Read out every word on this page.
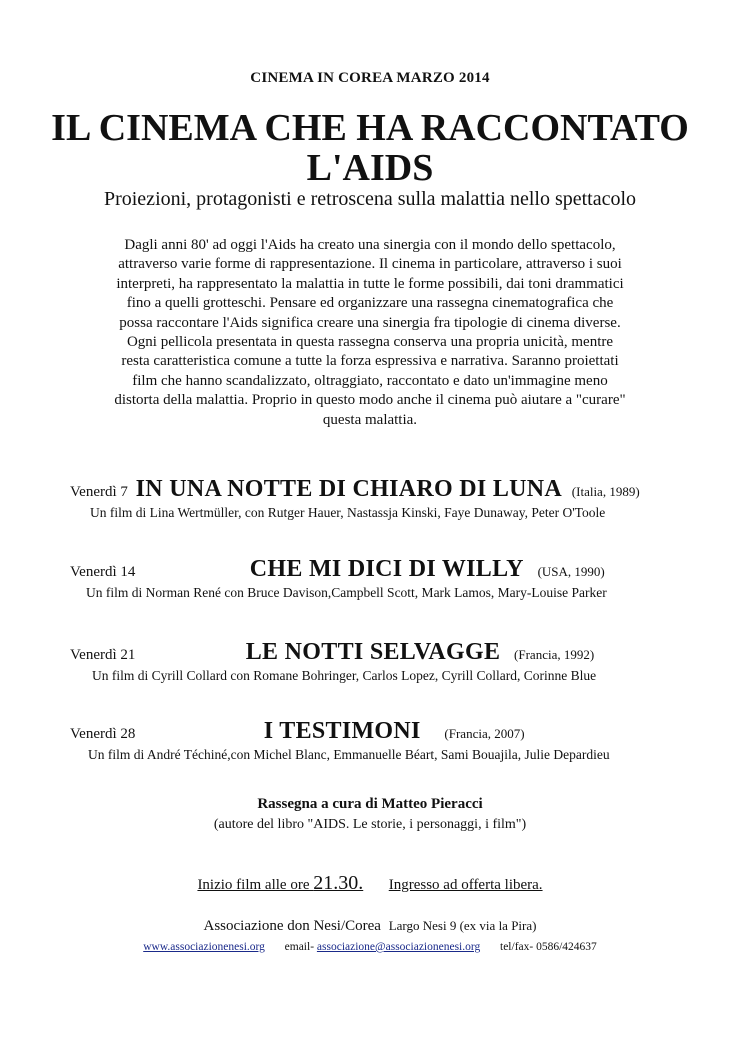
CINEMA IN COREA MARZO 2014
IL CINEMA CHE HA RACCONTATO
L'AIDS
Proiezioni, protagonisti e retroscena sulla malattia nello spettacolo
Dagli anni 80' ad oggi l'Aids ha creato una sinergia con il mondo dello spettacolo,
attraverso varie forme di rappresentazione. Il cinema in particolare, attraverso i suoi
interpreti, ha rappresentato la malattia in tutte le forme possibili, dai toni drammatici
fino a quelli grotteschi. Pensare ed organizzare una rassegna cinematografica che
possa raccontare l'Aids significa creare una sinergia fra tipologie di cinema diverse.
Ogni pellicola presentata in questa rassegna conserva una propria unicità, mentre
resta caratteristica comune a tutte la forza espressiva e narrativa. Saranno proiettati
film che hanno scandalizzato, oltraggiato, raccontato e dato un'immagine meno
distorta della malattia. Proprio in questo modo anche il cinema può aiutare a "curare"
questa malattia.
Venerdì 7 IN UNA NOTTE DI CHIARO DI LUNA (Italia, 1989)
Un film di Lina Wertmüller, con Rutger Hauer, Nastassja Kinski, Faye Dunaway, Peter O'Toole
Venerdì 14	CHE MI DICI DI WILLY (USA, 1990)
Un film di Norman René con Bruce Davison,Campbell Scott, Mark Lamos, Mary-Louise Parker
Venerdì 21	LE NOTTI SELVAGGE (Francia, 1992)
Un film di Cyrill Collard con Romane Bohringer, Carlos Lopez, Cyrill Collard, Corinne Blue
Venerdì 28	I TESTIMONI (Francia, 2007)
Un film di André Téchiné,con Michel Blanc, Emmanuelle Béart, Sami Bouajila, Julie Depardieu
Rassegna a cura di Matteo Pieracci
(autore del libro "AIDS. Le storie, i personaggi, i film")
Inizio film alle ore 21.30. Ingresso ad offerta libera.
Associazione don Nesi/Corea Largo Nesi 9 (ex via la Pira)
www.associazionenesi.org email- associazione@associazionenesi.org tel/fax- 0586/424637
